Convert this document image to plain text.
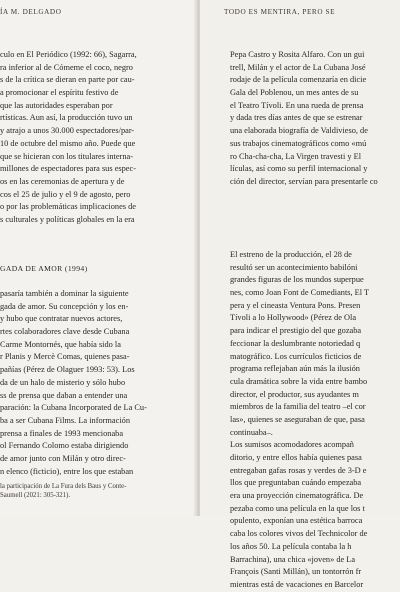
ÍA M. DELGADO
culo en El Periódico (1992: 66), Sagarra,
ra inferior al de Cómeme el coco, negro
s de la crítica se dieran en parte por cau-
a promocionar el espíritu festivo de
que las autoridades esperaban por
rtísticas. Aun así, la producción tuvo un
y atrajo a unos 30.000 espectadores/par-
10 de octubre del mismo año. Puede que
que se hicieran con los titulares interna-
millones de espectadores para sus espec-
os en las ceremonias de apertura y de
cos el 25 de julio y el 9 de agosto, pero
o por las problemáticas implicaciones de
s culturales y políticas globales en la era
GADA DE AMOR (1994)
pasaría también a dominar la siguiente
gada de amor. Su concepción y los en-
y hubo que contratar nuevos actores,
rtes colaboradores clave desde Cubana
Carme Montornés, que había sido la
r Planis y Mercè Comas, quienes pasa-
pañías (Pérez de Olaguer 1993: 53). Los
da de un halo de misterio y sólo hubo
ss de prensa que daban a entender una
paración: la Cubana Incorporated de La Cu-
ba a ser Cubana Films. La información
prensa a finales de 1993 mencionaba
ol Fernando Colomo estaba dirigiendo
de amor junto con Milán y otro direc-
n elenco (ficticio), entre los que estaban
la participación de La Fura dels Baus y Conte-
Saumell (2021: 305-321).
TODO ES MENTIRA, PERO SE
Pepa Castro y Rosita Alfaro. Con un gui
trell, Milán y el actor de La Cubana José
rodaje de la película comenzaría en dicie
Gala del Poblenou, un mes antes de su
el Teatro Tívoli. En una rueda de prensa
y dada tres días antes de que se estrenar
una elaborada biografía de Valdivieso, de
sus trabajos cinematográficos como «mú
ro Cha-cha-cha, La Virgen travesti y El
lículas, así como su perfil internacional y
ción del director, servían para presentarle co
El estreno de la producción, el 28 de
resultó ser un acontecimiento babilóni
grandes figuras de los mundos superpue
nes, como Joan Font de Comediants, El T
pera y el cineasta Ventura Pons. Presen
Tívoli a lo Hollywood» (Pérez de Ola
para indicar el prestigio del que gozaba
feccionar la deslumbrante notoriedad q
matográfico. Los currículos ficticios de
programa reflejaban aún más la ilusión
cula dramática sobre la vida entre bambo
director, el productor, sus ayudantes m
miembros de la familia del teatro –el cor
las», quienes se aseguraban de que, pasa
continuaba–.
Los sumisos acomodadores acompañ
ditorio, y entre ellos había quienes pasa
entregaban gafas rosas y verdes de 3-D e
llos que preguntaban cuándo empezaba
era una proyección cinematográfica. De
pezaba como una película en la que los t
opulento, exponían una estética barroca
caba los colores vivos del Technicolor de
los años 50. La película contaba la h
Barrachina), una chica «joven» de La
François (Santi Millán), un tontorrón fr
mientras está de vacaciones en Barcelor
